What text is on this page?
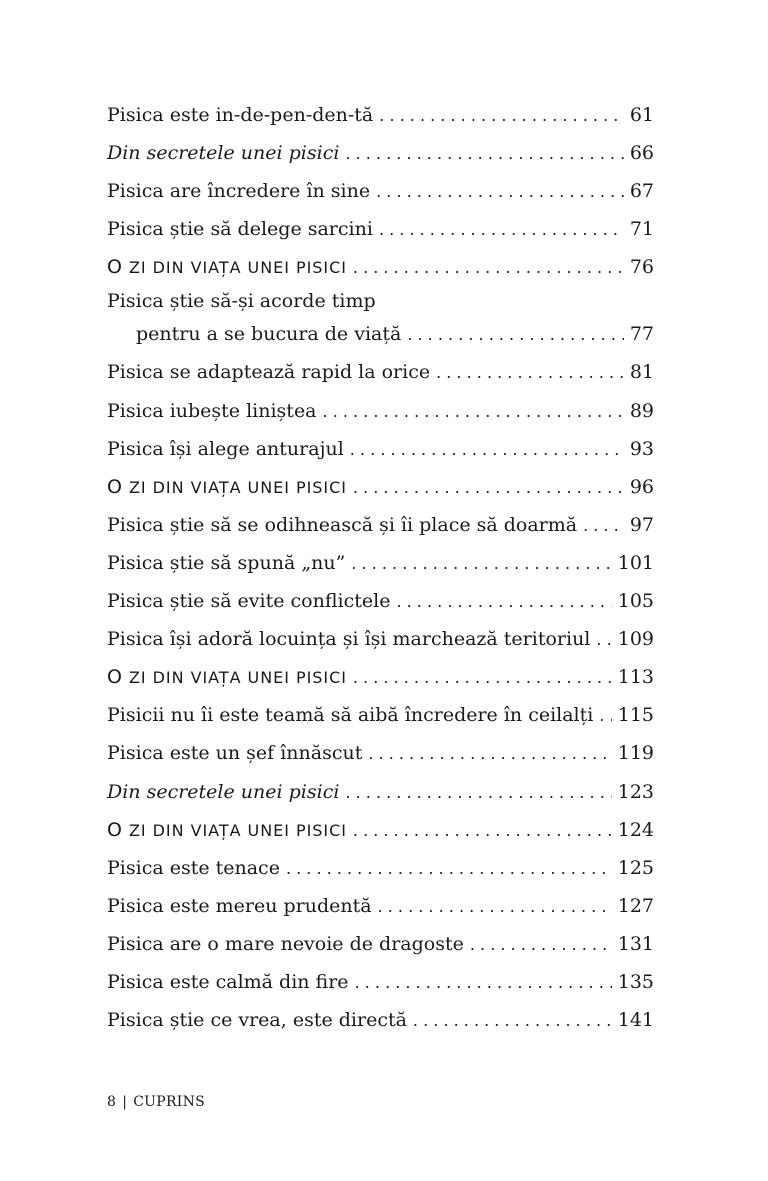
Pisica este in-de-pen-den-tă . . .	61
Din secretele unei pisici . . .	66
Pisica are încredere în sine . . .	67
Pisica știe să delege sarcini . . .	71
O ZI DIN VIAȚA UNEI PISICI . . .	76
Pisica știe să-și acorde timp
pentru a se bucura de viață . . .	77
Pisica se adaptează rapid la orice . . .	81
Pisica iubește liniștea . . .	89
Pisica își alege anturajul . . .	93
O ZI DIN VIAȚA UNEI PISICI . . .	96
Pisica știe să se odihnească și îi place să doarmă . . .	97
Pisica știe să spună „nu” . . .	101
Pisica știe să evite conflictele . . .	105
Pisica își adoră locuința și își marchează teritoriul . . . 109
O ZI DIN VIAȚA UNEI PISICI . . .	113
Pisicii nu îi este teamă să aibă încredere în ceilalți . . . 115
Pisica este un șef înnăscut . . .	119
Din secretele unei pisici . . .	123
O ZI DIN VIAȚA UNEI PISICI . . .	124
Pisica este tenace . . .	125
Pisica este mereu prudentă . . .	127
Pisica are o mare nevoie de dragoste . . .	131
Pisica este calmă din fire . . .	135
Pisica știe ce vrea, este directă . . .	141
8 | CUPRINS
